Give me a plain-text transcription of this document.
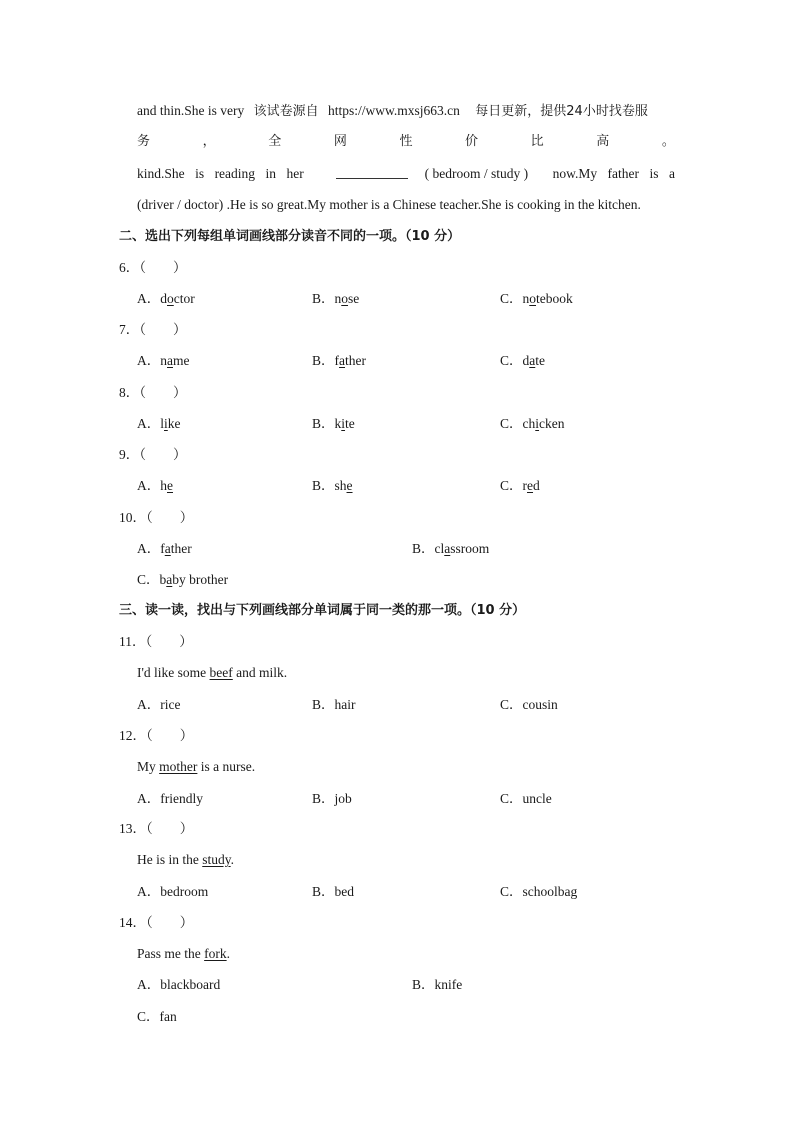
and thin.She is very 该试卷源自 https://www.mxsj663.cn 每日更新，提供24小时找卷服
务	，	全	网	性	价	比	高	。
kind.She is reading in her	( bedroom / study ) now.My father is a
(driver / doctor) .He is so great.My mother is a Chinese teacher.She is cooking in the kitchen.
二、选出下列每组单词画线部分读音不同的一项。（10 分）
6．（　　）
A．doctor	B．nose	C．notebook
7．（　　）
A．name	B．father	C．date
8．（　　）
A．like	B．kite	C．chicken
9．（　　）
A．he	B．she	C．red
10．（　　）
A．father	B．classroom
C．baby brother
三、读一读，找出与下列画线部分单词属于同一类的那一项。（10 分）
11．（　　）
I'd like some beef and milk.
A．rice	B．hair	C．cousin
12．（　　）
My mother is a nurse.
A．friendly	B．job	C．uncle
13．（　　）
He is in the study.
A．bedroom	B．bed	C．schoolbag
14．（　　）
Pass me the fork.
A．blackboard	B．knife
C．fan
